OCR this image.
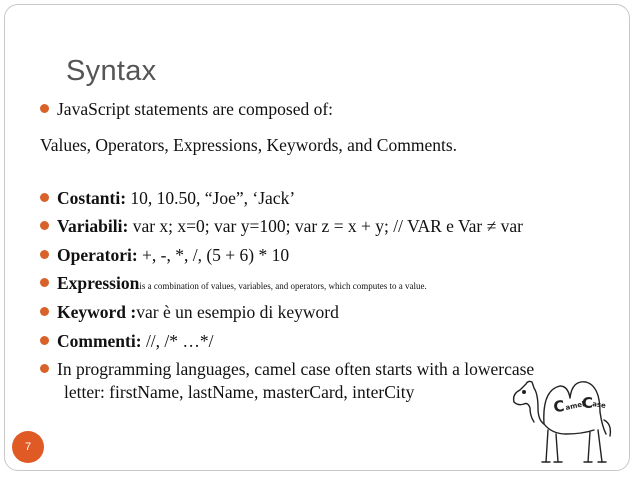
Syntax
JavaScript statements are composed of:
Values, Operators, Expressions, Keywords, and Comments.
Costanti: 10, 10.50, “Joe”, ‘Jack’
Variabili: var x; x=0; var y=100; var z = x + y; // VAR e Var ≠ var
Operatori: +, -, *, /, (5 + 6) * 10
Expressionis a combination of values, variables, and operators, which computes to a value.
Keyword :var è un esempio di keyword
Commenti: //, /* …*/
In programming languages, camel case often starts with a lowercase
letter: firstName, lastName, masterCard, interCity
C amel
C
ase
7
